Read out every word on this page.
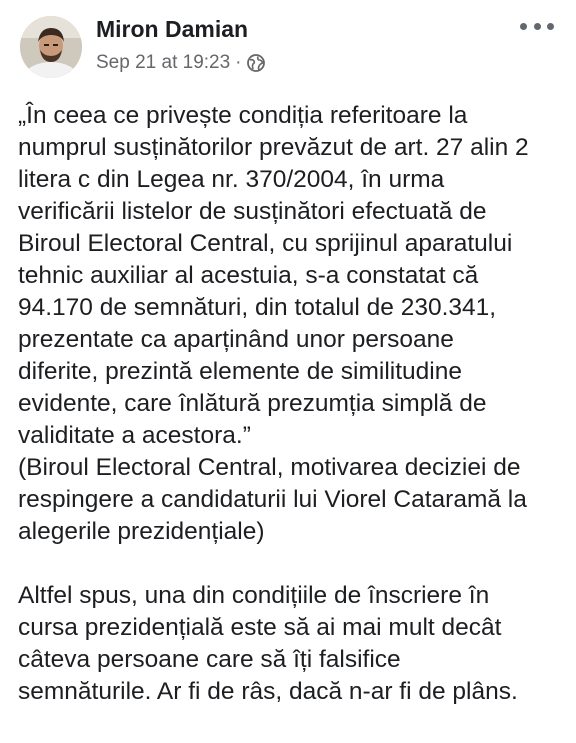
Miron Damian
Sep 21 at 19:23 ·

„În ceea ce privește condiția referitoare la

numprul susținătorilor prevăzut de art. 27 alin 2

litera c din Legea nr. 370/2004, în urma

verificării listelor de susținători efectuată de

Biroul Electoral Central, cu sprijinul aparatului

tehnic auxiliar al acestuia, s-a constatat că

94.170 de semnături, din totalul de 230.341,

prezentate ca aparținând unor persoane

diferite, prezintă elemente de similitudine

evidente, care înlătură prezumția simplă de

validitate a acestora.”

(Biroul Electoral Central, motivarea deciziei de

respingere a candidaturii lui Viorel Cataramă la

alegerile prezidențiale)

Altfel spus, una din condițiile de înscriere în

cursa prezidențială este să ai mai mult decât

câteva persoane care să îți falsifice

semnăturile. Ar fi de râs, dacă n-ar fi de plâns.
